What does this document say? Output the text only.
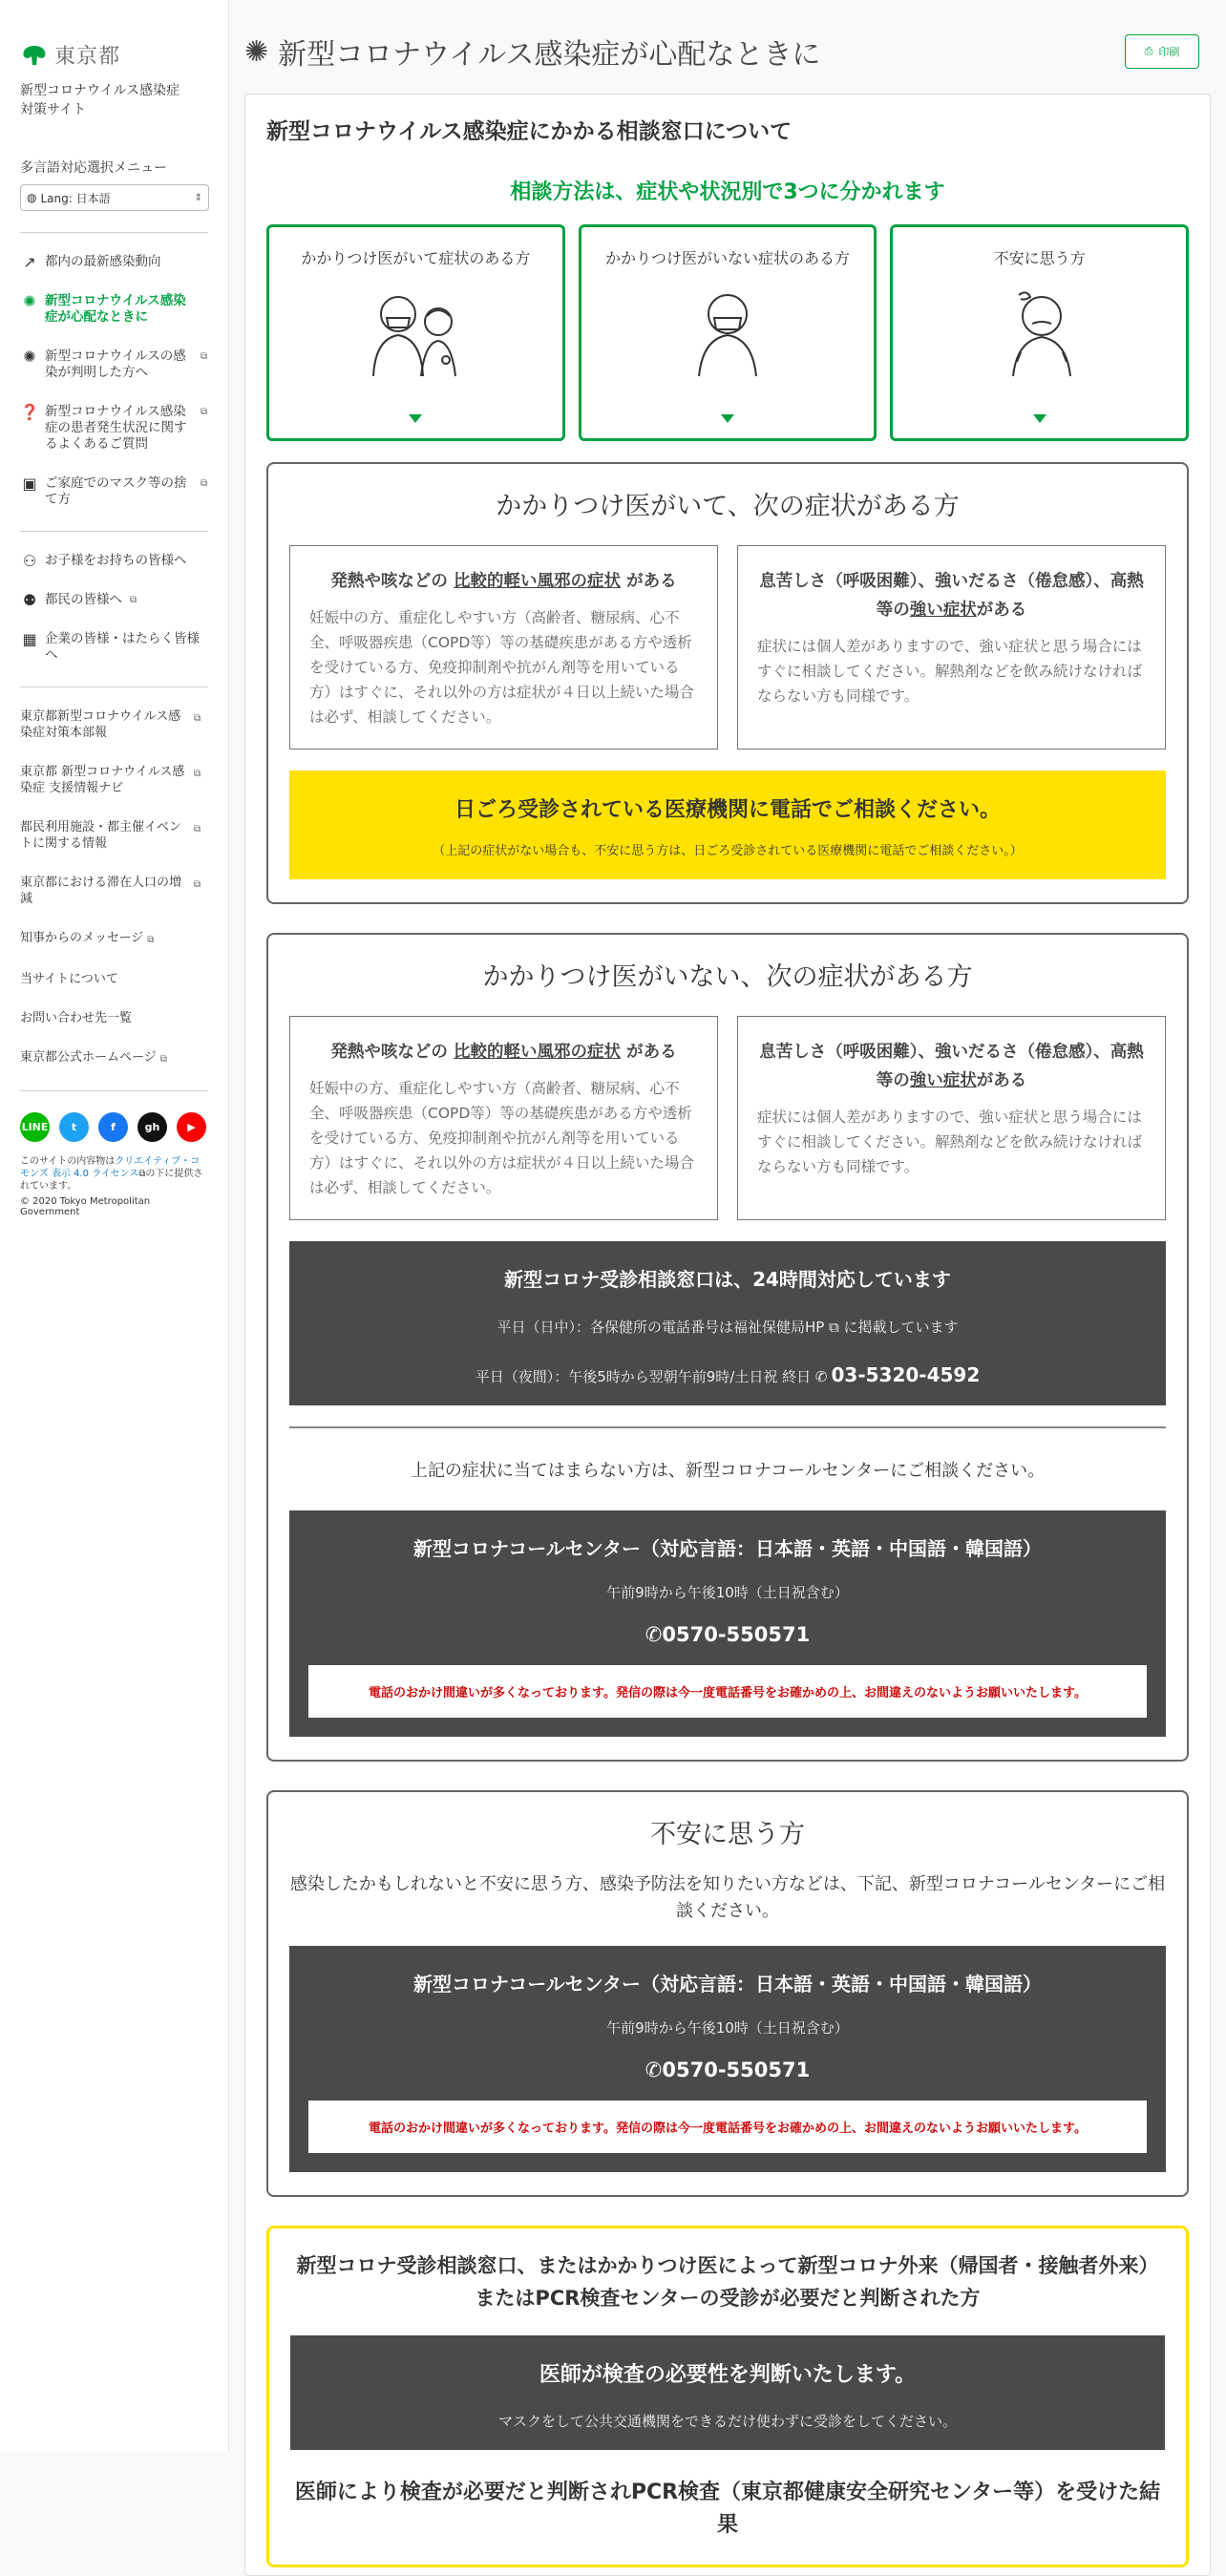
東京都
新型コロナウイルス感染症対策サイト
多言語対応選択メニュー
◍ Lang: 日本語	⇕
↗ 都内の最新感染動向
✺ 新型コロナウイルス感染症が心配なときに
✺ 新型コロナウイルスの感染が判明した方へ
⧉
❓ 新型コロナウイルス感染症の患者発生状況に関するよくあるご質問
⧉
▣ ご家庭でのマスク等の捨て方
⧉
⚇ お子様をお持ちの皆様へ
⚉ 都民の皆様へ ⧉
▦ 企業の皆様・はたらく皆様へ
東京都新型コロナウイルス感染症対策本部報
⧉
東京都 新型コロナウイルス感染症 支援情報ナビ
⧉
都民利用施設・都主催イベントに関する情報
⧉
東京都における滞在人口の増減
⧉
知事からのメッセージ ⧉
当サイトについて
お問い合わせ先一覧
東京都公式ホームページ ⧉
LINE	t	f	gh	▶
このサイトの内容物はクリエイティブ・コモンズ 表示 4.0 ライセンス⧉の下に提供されています。
© 2020 Tokyo Metropolitan Government
✺ 新型コロナウイルス感染症が心配なときに	⎙ 印刷
新型コロナウイルス感染症にかかる相談窓口について
相談方法は、症状や状況別で3つに分かれます
かかりつけ医がいて症状のある方	かかりつけ医がいない症状のある方	不安に思う方
かかりつけ医がいて、次の症状がある方
発熱や咳などの 比較的軽い風邪の症状 がある
妊娠中の方、重症化しやすい方（高齢者、糖尿病、心不全、呼吸器疾患（COPD等）等の基礎疾患がある方や透析を受けている方、免疫抑制剤や抗がん剤等を用いている方）はすぐに、それ以外の方は症状が４日以上続いた場合は必ず、相談してください。
息苦しさ（呼吸困難）、強いだるさ（倦怠感）、高熱等の強い症状がある
症状には個人差がありますので、強い症状と思う場合にはすぐに相談してください。解熱剤などを飲み続けなければならない方も同様です。
日ごろ受診されている医療機関に電話でご相談ください。
（上記の症状がない場合も、不安に思う方は、日ごろ受診されている医療機関に電話でご相談ください。）
かかりつけ医がいない、次の症状がある方
発熱や咳などの 比較的軽い風邪の症状 がある
妊娠中の方、重症化しやすい方（高齢者、糖尿病、心不全、呼吸器疾患（COPD等）等の基礎疾患がある方や透析を受けている方、免疫抑制剤や抗がん剤等を用いている方）はすぐに、それ以外の方は症状が４日以上続いた場合は必ず、相談してください。
息苦しさ（呼吸困難）、強いだるさ（倦怠感）、高熱等の強い症状がある
症状には個人差がありますので、強い症状と思う場合にはすぐに相談してください。解熱剤などを飲み続けなければならない方も同様です。
新型コロナ受診相談窓口は、24時間対応しています
平日（日中）：各保健所の電話番号は福祉保健局HP ⧉ に掲載しています
平日（夜間）：午後5時から翌朝午前9時/土日祝 終日 ✆ 03-5320-4592
上記の症状に当てはまらない方は、新型コロナコールセンターにご相談ください。
新型コロナコールセンター（対応言語：日本語・英語・中国語・韓国語）
午前9時から午後10時（土日祝含む）
✆0570-550571
電話のおかけ間違いが多くなっております。発信の際は今一度電話番号をお確かめの上、お間違えのないようお願いいたします。
不安に思う方
感染したかもしれないと不安に思う方、感染予防法を知りたい方などは、下記、新型コロナコールセンターにご相談ください。
新型コロナコールセンター（対応言語：日本語・英語・中国語・韓国語）
午前9時から午後10時（土日祝含む）
✆0570-550571
電話のおかけ間違いが多くなっております。発信の際は今一度電話番号をお確かめの上、お間違えのないようお願いいたします。
新型コロナ受診相談窓口、またはかかりつけ医によって新型コロナ外来（帰国者・接触者外来）またはPCR検査センターの受診が必要だと判断された方
医師が検査の必要性を判断いたします。
マスクをして公共交通機関をできるだけ使わずに受診をしてください。
医師により検査が必要だと判断されPCR検査（東京都健康安全研究センター等）を受けた結果
